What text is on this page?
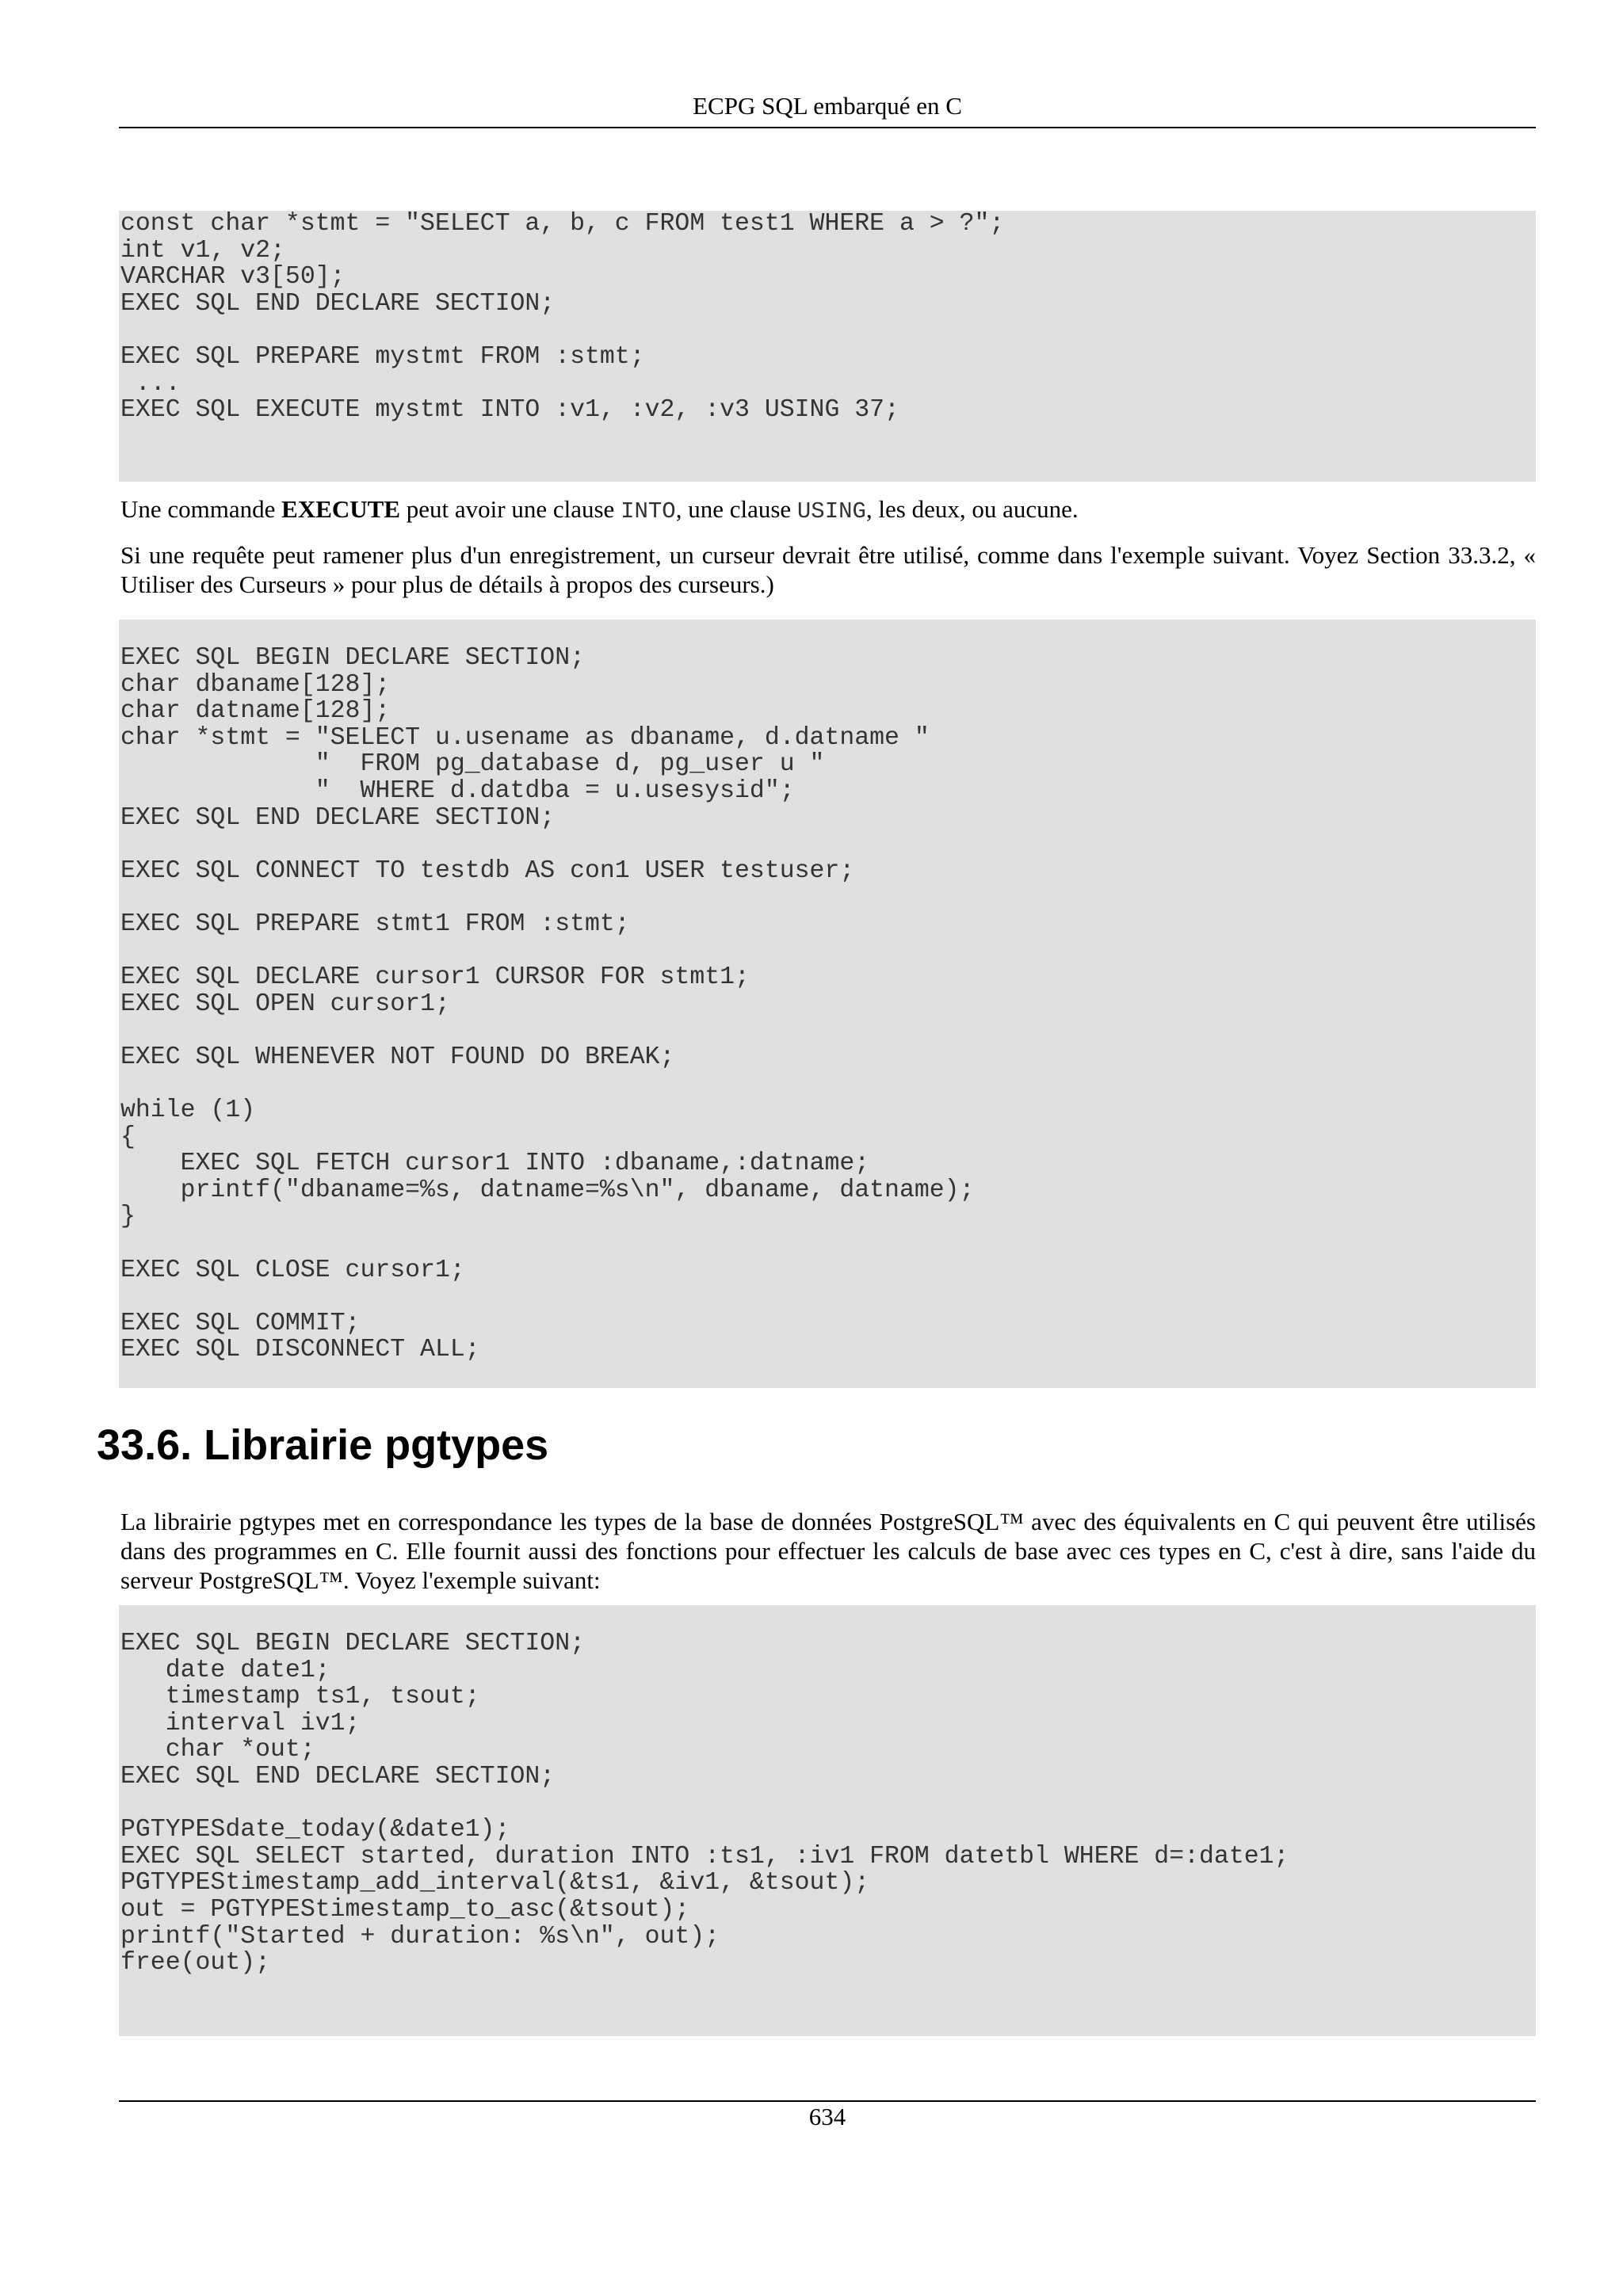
ECPG SQL embarqué en C
const char *stmt = "SELECT a, b, c FROM test1 WHERE a > ?";
int v1, v2;
VARCHAR v3[50];
EXEC SQL END DECLARE SECTION;

EXEC SQL PREPARE mystmt FROM :stmt;
...
EXEC SQL EXECUTE mystmt INTO :v1, :v2, :v3 USING 37;

Une commande EXECUTE peut avoir une clause INTO, une clause USING, les deux, ou aucune.

Si une requête peut ramener plus d'un enregistrement, un curseur devrait être utilisé, comme dans l'exemple suivant. Voyez Section 33.3.2, « Utiliser des Curseurs » pour plus de détails à propos des curseurs.)

EXEC SQL BEGIN DECLARE SECTION;
char dbaname[128];
char datname[128];
char *stmt = "SELECT u.usename as dbaname, d.datname "
"  FROM pg_database d, pg_user u "
"  WHERE d.datdba = u.usesysid";
EXEC SQL END DECLARE SECTION;

EXEC SQL CONNECT TO testdb AS con1 USER testuser;

EXEC SQL PREPARE stmt1 FROM :stmt;

EXEC SQL DECLARE cursor1 CURSOR FOR stmt1;
EXEC SQL OPEN cursor1;

EXEC SQL WHENEVER NOT FOUND DO BREAK;

while (1)
{
EXEC SQL FETCH cursor1 INTO :dbaname,:datname;
printf("dbaname=%s, datname=%s\n", dbaname, datname);
}

EXEC SQL CLOSE cursor1;

EXEC SQL COMMIT;
EXEC SQL DISCONNECT ALL;
33.6. Librairie pgtypes

La librairie pgtypes met en correspondance les types de la base de données PostgreSQL™ avec des équivalents en C qui peuvent être utilisés dans des programmes en C. Elle fournit aussi des fonctions pour effectuer les calculs de base avec ces types en C, c'est à dire, sans l'aide du serveur PostgreSQL™. Voyez l'exemple suivant:

EXEC SQL BEGIN DECLARE SECTION;
date date1;
timestamp ts1, tsout;
interval iv1;
char *out;
EXEC SQL END DECLARE SECTION;

PGTYPESdate_today(&date1);
EXEC SQL SELECT started, duration INTO :ts1, :iv1 FROM datetbl WHERE d=:date1;
PGTYPEStimestamp_add_interval(&ts1, &iv1, &tsout);
out = PGTYPEStimestamp_to_asc(&tsout);
printf("Started + duration: %s\n", out);
free(out);
634
